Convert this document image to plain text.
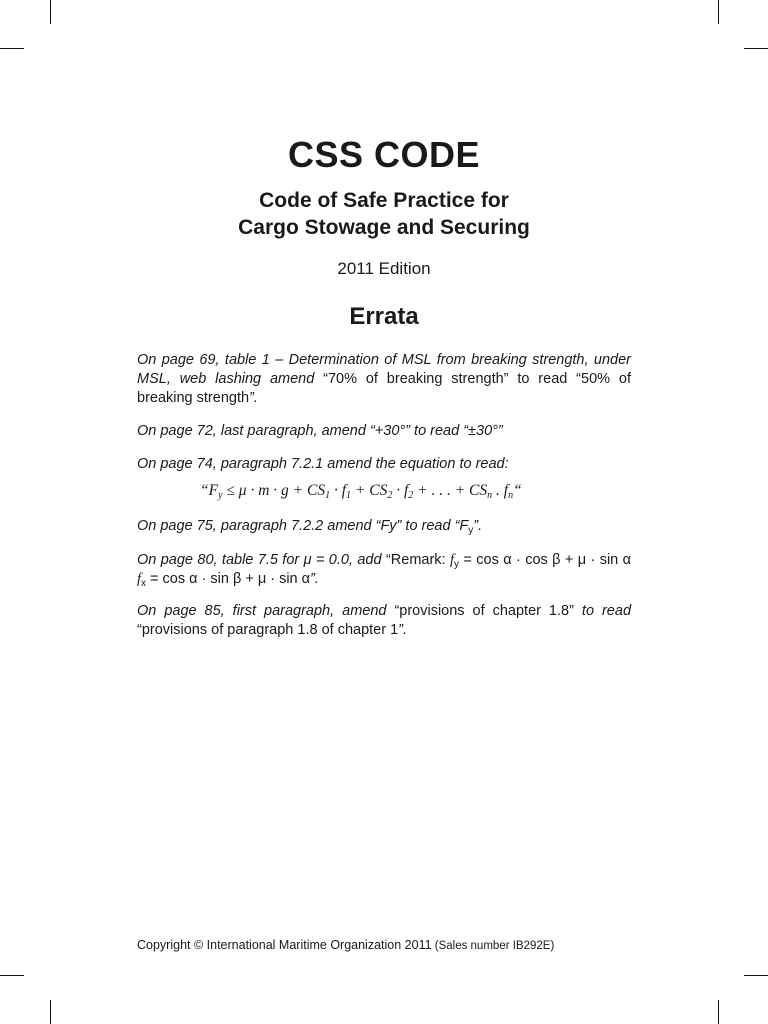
CSS CODE
Code of Safe Practice for
Cargo Stowage and Securing
2011 Edition
Errata
On page 69, table 1 – Determination of MSL from breaking strength, under MSL, web lashing amend “70% of breaking strength” to read “50% of breaking strength”.
On page 72, last paragraph, amend “+30°” to read “±30°”
On page 74, paragraph 7.2.1 amend the equation to read:
“$F_y \le \mu \cdot m \cdot g + CS_1 \cdot f_1 + CS_2 \cdot f_2$ + . . . + $CS_n$ . $f_n“$
On page 75, paragraph 7.2.2 amend “Fy” to read “$F_y$”.
On page 80, table 7.5 for μ = 0.0, add “Remark: $f_y = \cos \alpha \cdot \cos \beta + \mu \cdot \sin \alpha$      $f_x = \cos \alpha \cdot \sin \beta + \mu \cdot \sin \alpha$”.
On page 85, first paragraph, amend “provisions of chapter 1.8” to read “provisions of paragraph 1.8 of chapter 1”.
Copyright © International Maritime Organization 2011 (Sales number IB292E)
